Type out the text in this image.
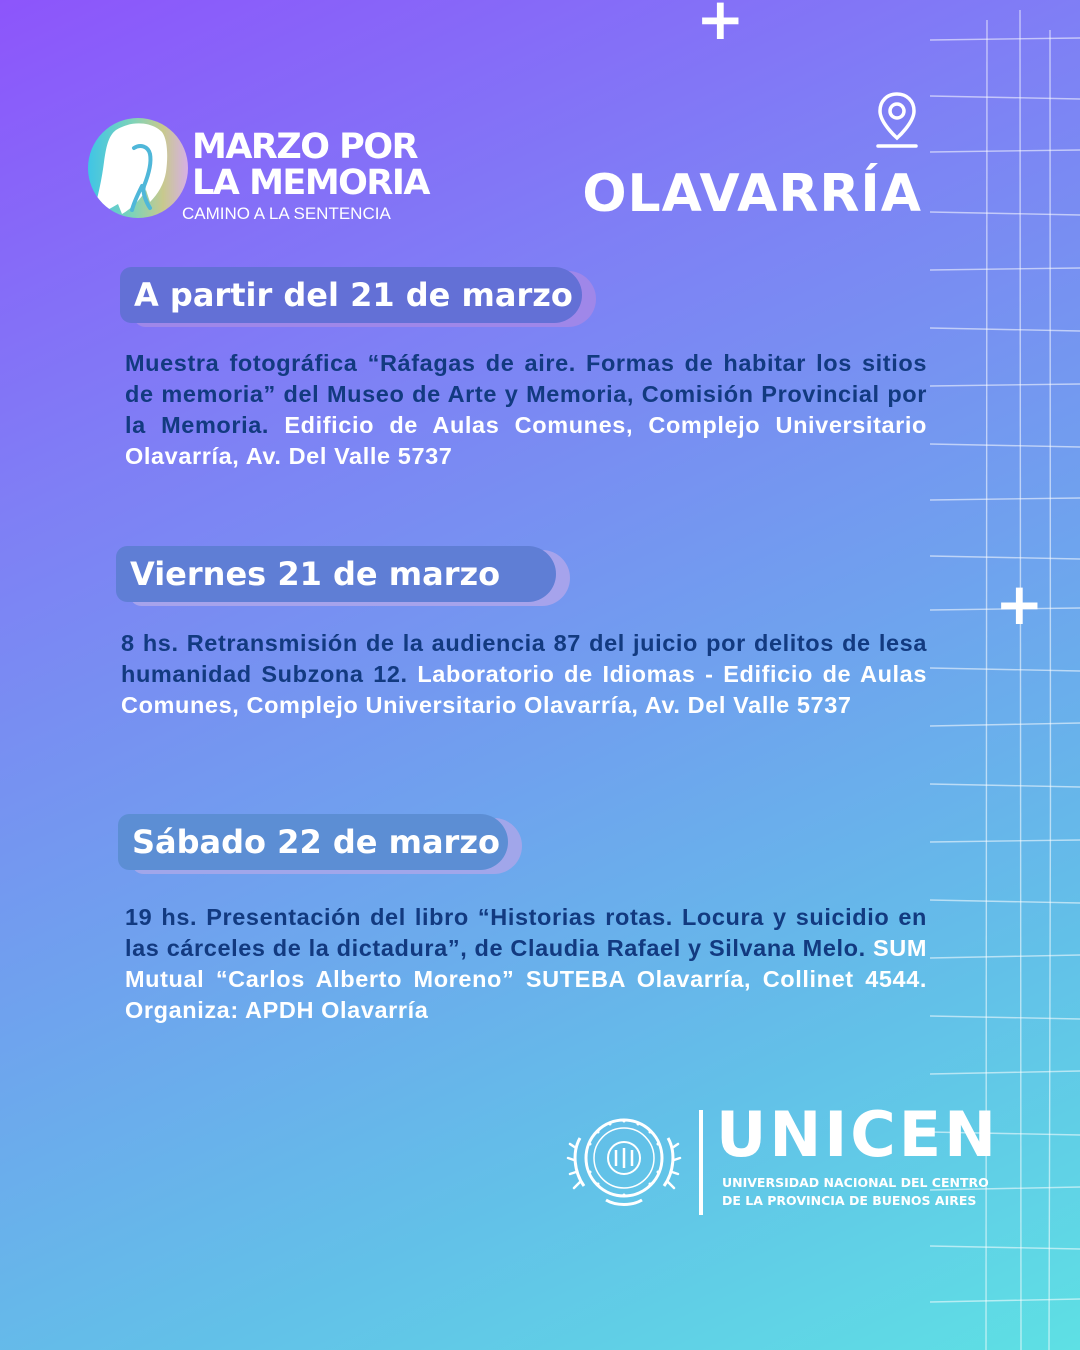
+
+
MARZO POR
LA MEMORIA
CAMINO A LA SENTENCIA	OLAVARRÍA
A partir del 21 de marzo
Muestra fotográfica “Ráfagas de aire. Formas de habitar los sitios de memoria” del Museo de Arte y Memoria, Comisión Provincial por la Memoria. Edificio de Aulas Comunes, Complejo Universitario Olavarría, Av. Del Valle 5737
Viernes 21 de marzo
8 hs. Retransmisión de la audiencia 87 del juicio por delitos de lesa humanidad Subzona 12. Laboratorio de Idiomas - Edificio de Aulas Comunes, Complejo Universitario Olavarría, Av. Del Valle 5737
Sábado 22 de marzo
19 hs. Presentación del libro “Historias rotas. Locura y suicidio en las cárceles de la dictadura”, de Claudia Rafael y Silvana Melo. SUM Mutual “Carlos Alberto Moreno” SUTEBA Olavarría, Collinet 4544. Organiza: APDH Olavarría
UNICEN
UNIVERSIDAD NACIONAL DEL CENTRO
DE LA PROVINCIA DE BUENOS AIRES
